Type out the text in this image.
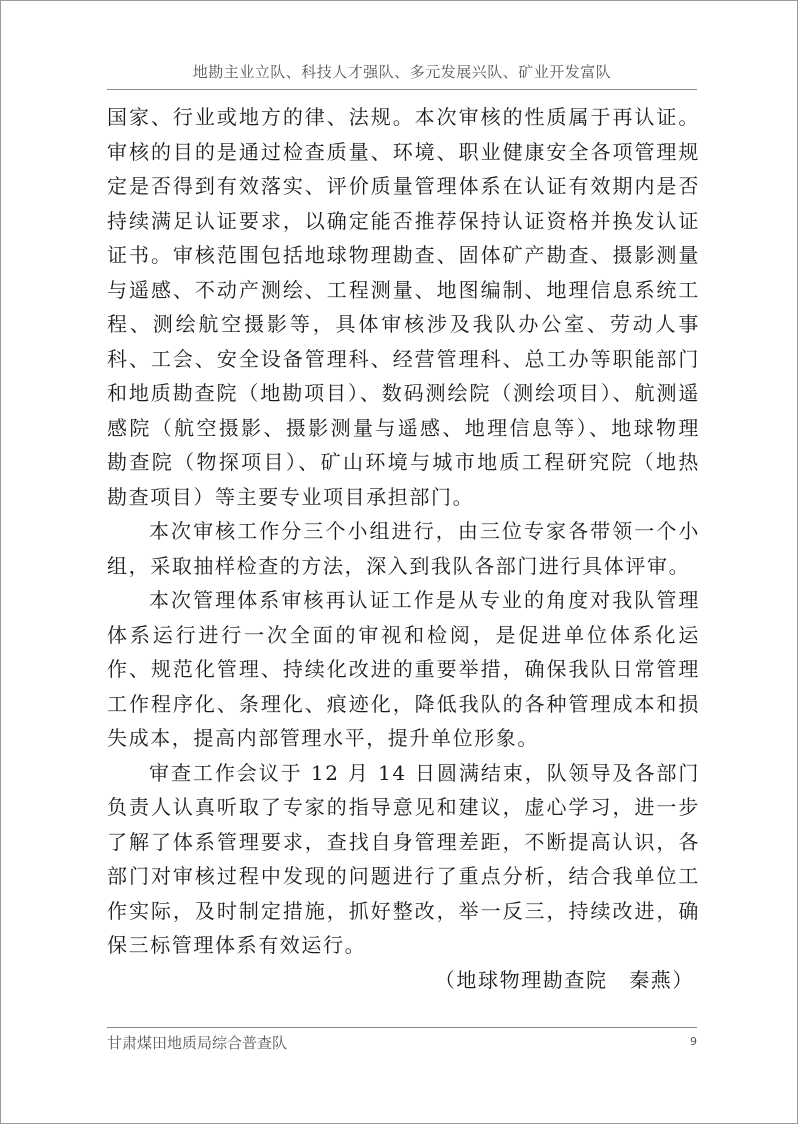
地勘主业立队、科技人才强队、多元发展兴队、矿业开发富队

国家、行业或地方的律、法规。本次审核的性质属于再认证。审核的目的是通过检查质量、环境、职业健康安全各项管理规定是否得到有效落实、评价质量管理体系在认证有效期内是否持续满足认证要求，以确定能否推荐保持认证资格并换发认证证书。审核范围包括地球物理勘查、固体矿产勘查、摄影测量与遥感、不动产测绘、工程测量、地图编制、地理信息系统工程、测绘航空摄影等，具体审核涉及我队办公室、劳动人事科、工会、安全设备管理科、经营管理科、总工办等职能部门和地质勘查院（地勘项目）、数码测绘院（测绘项目）、航测遥感院（航空摄影、摄影测量与遥感、地理信息等）、地球物理勘查院（物探项目）、矿山环境与城市地质工程研究院（地热勘查项目）等主要专业项目承担部门。

本次审核工作分三个小组进行，由三位专家各带领一个小组，采取抽样检查的方法，深入到我队各部门进行具体评审。

本次管理体系审核再认证工作是从专业的角度对我队管理体系运行进行一次全面的审视和检阅，是促进单位体系化运作、规范化管理、持续化改进的重要举措，确保我队日常管理工作程序化、条理化、痕迹化，降低我队的各种管理成本和损失成本，提高内部管理水平，提升单位形象。

审查工作会议于 12 月 14 日圆满结束，队领导及各部门负责人认真听取了专家的指导意见和建议，虚心学习，进一步了解了体系管理要求，查找自身管理差距，不断提高认识，各部门对审核过程中发现的问题进行了重点分析，结合我单位工作实际，及时制定措施，抓好整改，举一反三，持续改进，确保三标管理体系有效运行。

（地球物理勘查院　秦燕）

甘肃煤田地质局综合普查队	9
